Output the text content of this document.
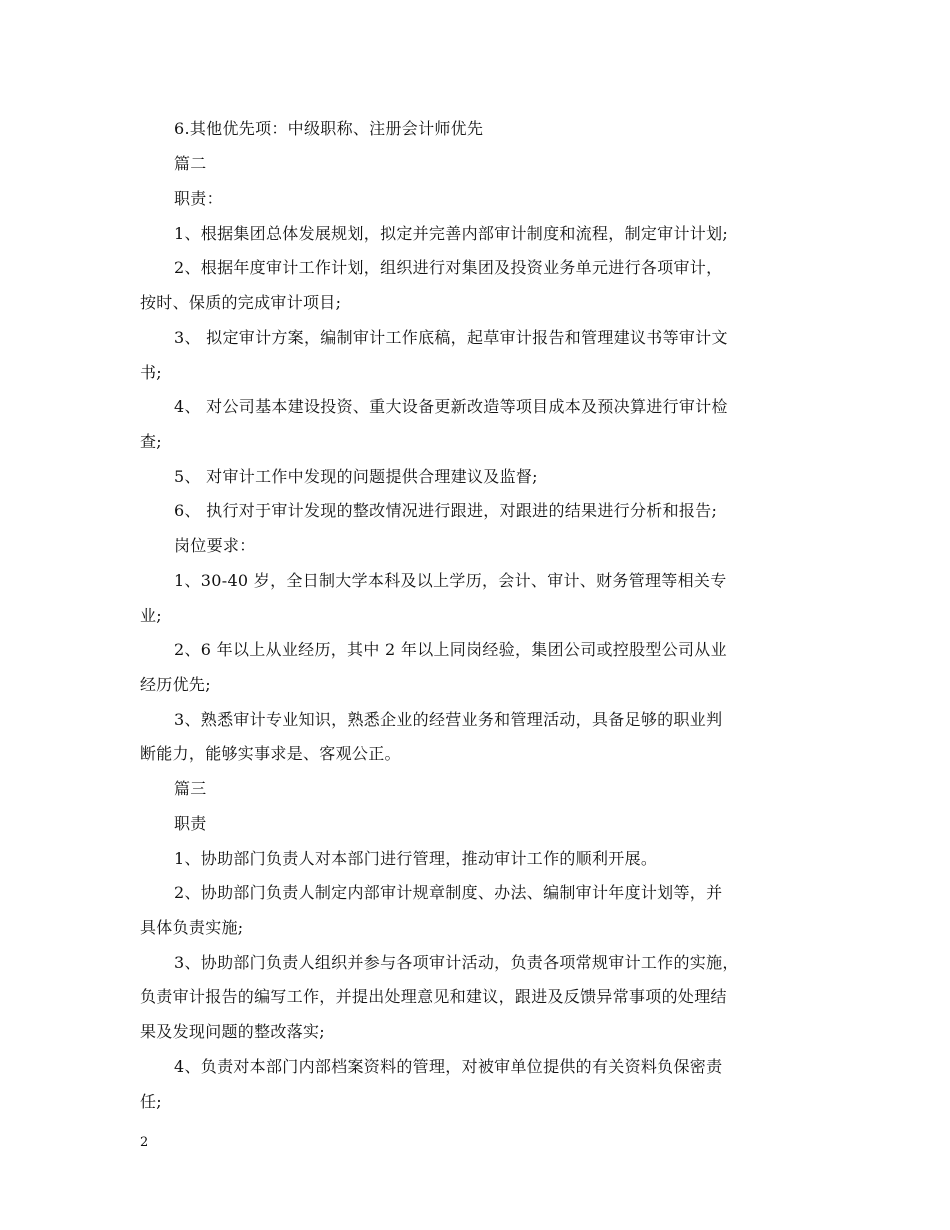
6.其他优先项：中级职称、注册会计师优先
篇二
职责：
1、根据集团总体发展规划，拟定并完善内部审计制度和流程，制定审计计划;
2、根据年度审计工作计划，组织进行对集团及投资业务单元进行各项审计，
按时、保质的完成审计项目;
3、 拟定审计方案，编制审计工作底稿，起草审计报告和管理建议书等审计文
书;
4、 对公司基本建设投资、重大设备更新改造等项目成本及预决算进行审计检
查;
5、 对审计工作中发现的问题提供合理建议及监督;
6、 执行对于审计发现的整改情况进行跟进，对跟进的结果进行分析和报告;
岗位要求：
1、30-40 岁，全日制大学本科及以上学历，会计、审计、财务管理等相关专
业;
2、6 年以上从业经历，其中 2 年以上同岗经验，集团公司或控股型公司从业
经历优先;
3、熟悉审计专业知识，熟悉企业的经营业务和管理活动，具备足够的职业判
断能力，能够实事求是、客观公正。
篇三
职责
1、协助部门负责人对本部门进行管理，推动审计工作的顺利开展。
2、协助部门负责人制定内部审计规章制度、办法、编制审计年度计划等，并
具体负责实施;
3、协助部门负责人组织并参与各项审计活动，负责各项常规审计工作的实施，
负责审计报告的编写工作，并提出处理意见和建议，跟进及反馈异常事项的处理结
果及发现问题的整改落实;
4、负责对本部门内部档案资料的管理，对被审单位提供的有关资料负保密责
任;
2
